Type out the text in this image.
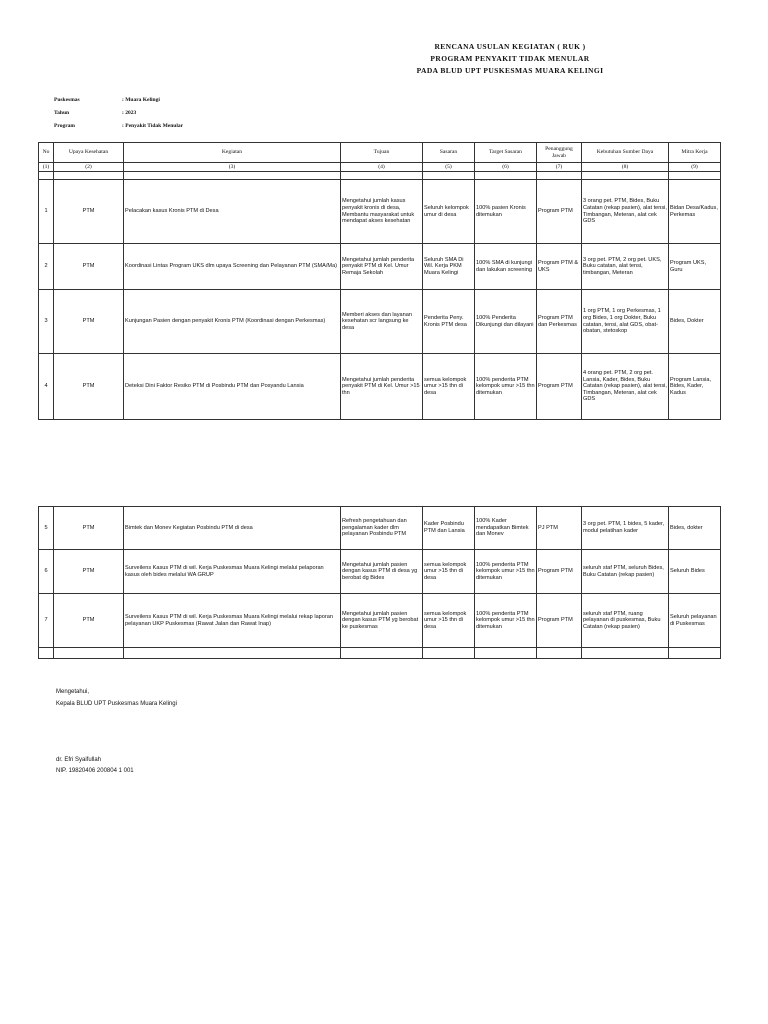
RENCANA USULAN KEGIATAN ( RUK )
PROGRAM PENYAKIT TIDAK MENULAR
PADA BLUD UPT PUSKESMAS MUARA KELINGI
Puskesmas	: Muara Kelingi
Tahun	: 2023
Program	: Penyakit Tidak Menular
No	Upaya Kesehatan	Kegiatan	Tujuan	Sasaran	Target Sasaran	Penanggung Jawab	Kebutuhan Sumber Daya	Mitra Kerja
(1)	(2)	(3)	(4)	(5)	(6)	(7)	(8)	(9)

1	PTM	Pelacakan kasus Kronis PTM di Desa	Mengetahui jumlah kasus penyakit kronis di desa, Membantu masyarakat untuk mendapat akses kesehatan	Seluruh kelompok umur di desa	100% pasien Kronis ditemukan	Program PTM	3 orang pet. PTM, Bides, Buku Catatan (rekap pasien), alat tensi, Timbangan, Meteran, alat cek GDS	Bidan Desa/Kadus, Perkemas
2	PTM	Koordinasi Lintas Program UKS dlm upaya Screening dan Pelayanan PTM (SMA/Ma)	Mengetahui jumlah penderita penyakit PTM di Kel. Umur Remaja Sekolah	Seluruh SMA Di Wil. Kerja PKM Muara Kelingi	100% SMA di kunjungi dan lakukan screening	Program PTM & UKS	3 org pet. PTM, 2 org pet. UKS, Buku catatan, alat tensi, timbangan, Meteran	Program UKS, Guru
3	PTM	Kunjungan Pasien dengan penyakit Kronis PTM (Koordinasi dengan Perkesmas)	Memberi akses dan layanan kesehatan scr langsung ke desa	Penderita Peny. Kronis PTM desa	100% Penderita Dikunjungi dan dilayani	Program PTM dan Perkesmas	1 org PTM, 1 org Perkesmas, 1 org Bides, 1 org Dokter, Buku catatan, tensi, alat GDS, obat-obatan, stetoskop	Bides, Dokter
4	PTM	Deteksi Dini Faktor Resiko PTM di Posbindu PTM dan Posyandu Lansia	Mengetahui jumlah penderita penyakit PTM di Kel. Umur >15 thn	semua kelompok umur >15 thn di desa	100% penderita PTM kelompok umur >15 thn ditemukan	Program PTM	4 orang pet. PTM, 2 org pet. Lansia, Kader, Bides, Buku Catatan (rekap pasien), alat tensi, Timbangan, Meteran, alat cek GDS	Program Lansia, Bides, Kader, Kadus
5	PTM	Bimtek dan Monev Kegiatan Posbindu PTM di desa	Refresh pengetahuan dan pengalaman kader dlm pelayanan Posbindu PTM	Kader Posbindu PTM dan Lansia	100% Kader mendapatkan Bimtek dan Monev	PJ PTM	3 org pet. PTM, 1 bides, 5 kader, modul pelatihan kader	Bides, dokter
6	PTM	Surveilens Kasus PTM di wil. Kerja Puskesmas Muara Kelingi melalui pelaporan kasus oleh bides melalui WA GRUP	Mengetahui jumlah pasien dengan kasus PTM di desa yg berobat dg Bides	semua kelompok umur >15 thn di desa	100% penderita PTM kelompok umur >15 thn ditemukan	Program PTM	seluruh staf PTM, seluruh Bides, Buku Catatan (rekap pasien)	Seluruh Bides
7	PTM	Surveilens Kasus PTM di wil. Kerja Puskesmas Muara Kelingi melalui rekap laporan pelayanan UKP Puskesmas (Rawat Jalan dan Rawat Inap)	Mengetahui jumlah pasien dengan kasus PTM yg berobat ke puskesmas	semua kelompok umur >15 thn di desa	100% penderita PTM kelompok umur >15 thn ditemukan	Program PTM	seluruh staf PTM, ruang pelayanan di puskesmas, Buku Catatan (rekap pasien)	Seluruh pelayanan di Puskesmas

Mengetahui,
Kepala BLUD UPT Puskesmas Muara Kelingi
dr. Efri Syaifullah
NIP. 19820406 200804 1 001
